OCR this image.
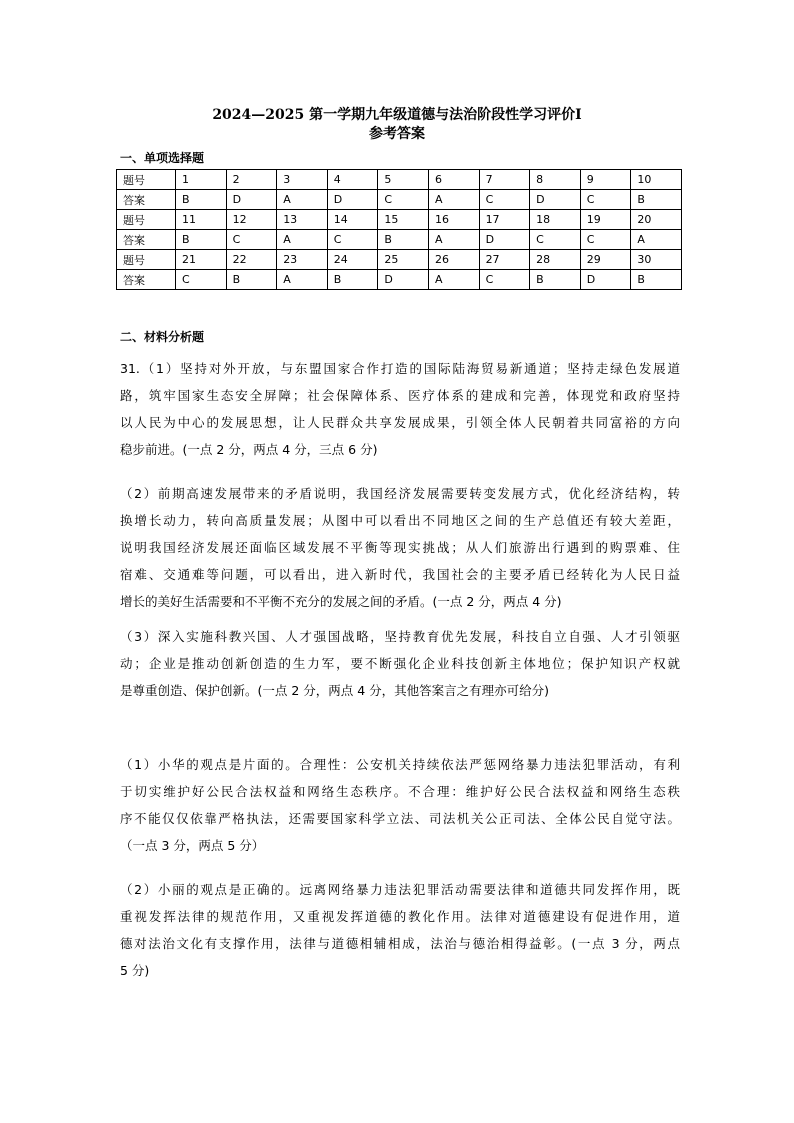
2024—2025 第一学期九年级道德与法治阶段性学习评价Ⅰ
参考答案
一、单项选择题
题号	1	2	3	4	5	6	7	8	9	10
答案	B	D	A	D	C	A	C	D	C	B
题号	11	12	13	14	15	16	17	18	19	20
答案	B	C	A	C	B	A	D	C	C	A
题号	21	22	23	24	25	26	27	28	29	30
答案	C	B	A	B	D	A	C	B	D	B
二、材料分析题
31.（1）坚持对外开放，与东盟国家合作打造的国际陆海贸易新通道；坚持走绿色发展道
路，筑牢国家生态安全屏障；社会保障体系、医疗体系的建成和完善，体现党和政府坚持
以人民为中心的发展思想，让人民群众共享发展成果，引领全体人民朝着共同富裕的方向
稳步前进。(一点 2 分，两点 4 分，三点 6 分)
（2）前期高速发展带来的矛盾说明，我国经济发展需要转变发展方式，优化经济结构，转
换增长动力，转向高质量发展；从图中可以看出不同地区之间的生产总值还有较大差距，
说明我国经济发展还面临区域发展不平衡等现实挑战；从人们旅游出行遇到的购票难、住
宿难、交通难等问题，可以看出，进入新时代，我国社会的主要矛盾已经转化为人民日益
增长的美好生活需要和不平衡不充分的发展之间的矛盾。(一点 2 分，两点 4 分)
（3）深入实施科教兴国、人才强国战略，坚持教育优先发展，科技自立自强、人才引领驱
动；企业是推动创新创造的生力军，要不断强化企业科技创新主体地位；保护知识产权就
是尊重创造、保护创新。(一点 2 分，两点 4 分，其他答案言之有理亦可给分)
（1）小华的观点是片面的。合理性：公安机关持续依法严惩网络暴力违法犯罪活动，有利
于切实维护好公民合法权益和网络生态秩序。不合理：维护好公民合法权益和网络生态秩
序不能仅仅依靠严格执法，还需要国家科学立法、司法机关公正司法、全体公民自觉守法。
（一点 3 分，两点 5 分）
（2）小丽的观点是正确的。远离网络暴力违法犯罪活动需要法律和道德共同发挥作用，既
重视发挥法律的规范作用，又重视发挥道德的教化作用。法律对道德建设有促进作用，道
德对法治文化有支撑作用，法律与道德相辅相成，法治与德治相得益彰。(一点 3 分，两点
5 分)
